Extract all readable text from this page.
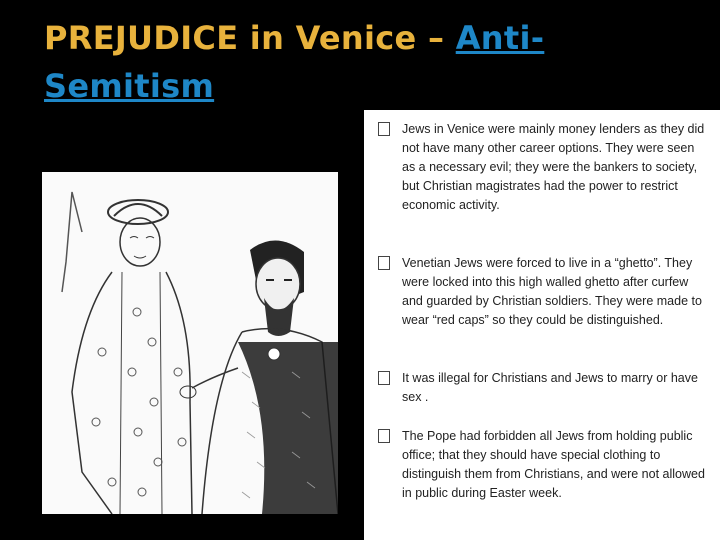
PREJUDICE in Venice – Anti-Semitism
Jews in Venice were mainly money lenders as they did not have many other career options. They were seen as a necessary evil; they were the bankers to society, but Christian magistrates had the power to restrict economic activity.
Venetian Jews were forced to live in a “ghetto”. They were locked into this high walled ghetto after curfew and guarded by Christian soldiers. They were made to wear “red caps” so they could be distinguished.
It was illegal for Christians and Jews to marry or have sex .
The Pope had forbidden all Jews from holding public office; that they should have special clothing to distinguish them from Christians, and were not allowed in public during Easter week.
